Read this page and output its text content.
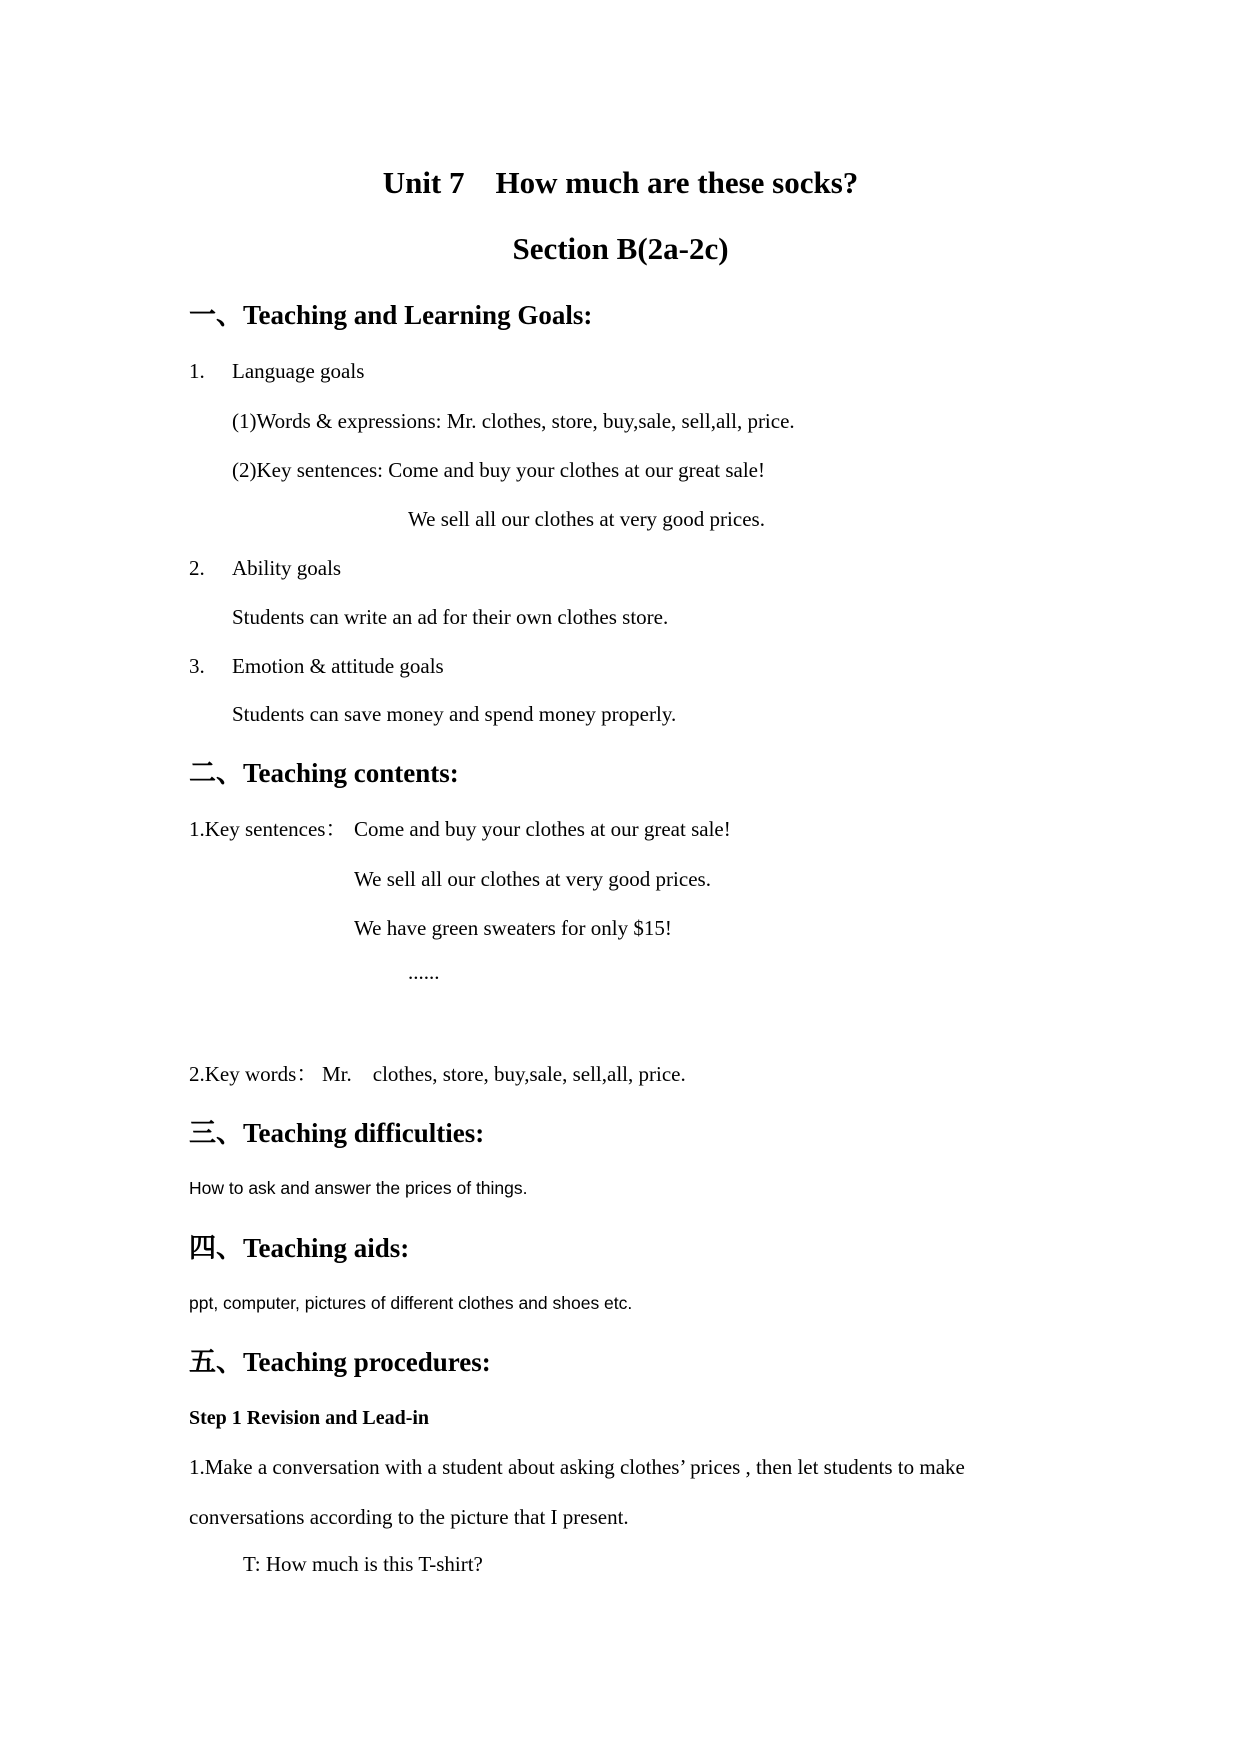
Unit 7    How much are these socks?
Section B(2a-2c)
一、Teaching and Learning Goals:
1. Language goals
(1)Words & expressions: Mr. clothes, store, buy,sale, sell,all, price.
(2)Key sentences: Come and buy your clothes at our great sale!
We sell all our clothes at very good prices.
2. Ability goals
Students can write an ad for their own clothes store.
3. Emotion & attitude goals
Students can save money and spend money properly.
二、Teaching contents:
1.Key sentences： Come and buy your clothes at our great sale!
We sell all our clothes at very good prices.
We have green sweaters for only $15!
......
2.Key words： Mr.    clothes, store, buy,sale, sell,all, price.
三、Teaching difficulties:
How to ask and answer the prices of things.
四、Teaching aids:
ppt, computer, pictures of different clothes and shoes etc.
五、Teaching procedures:
Step 1 Revision and Lead-in
1.Make a conversation with a student about asking clothes’ prices , then let students to make
conversations according to the picture that I present.
T: How much is this T-shirt?
